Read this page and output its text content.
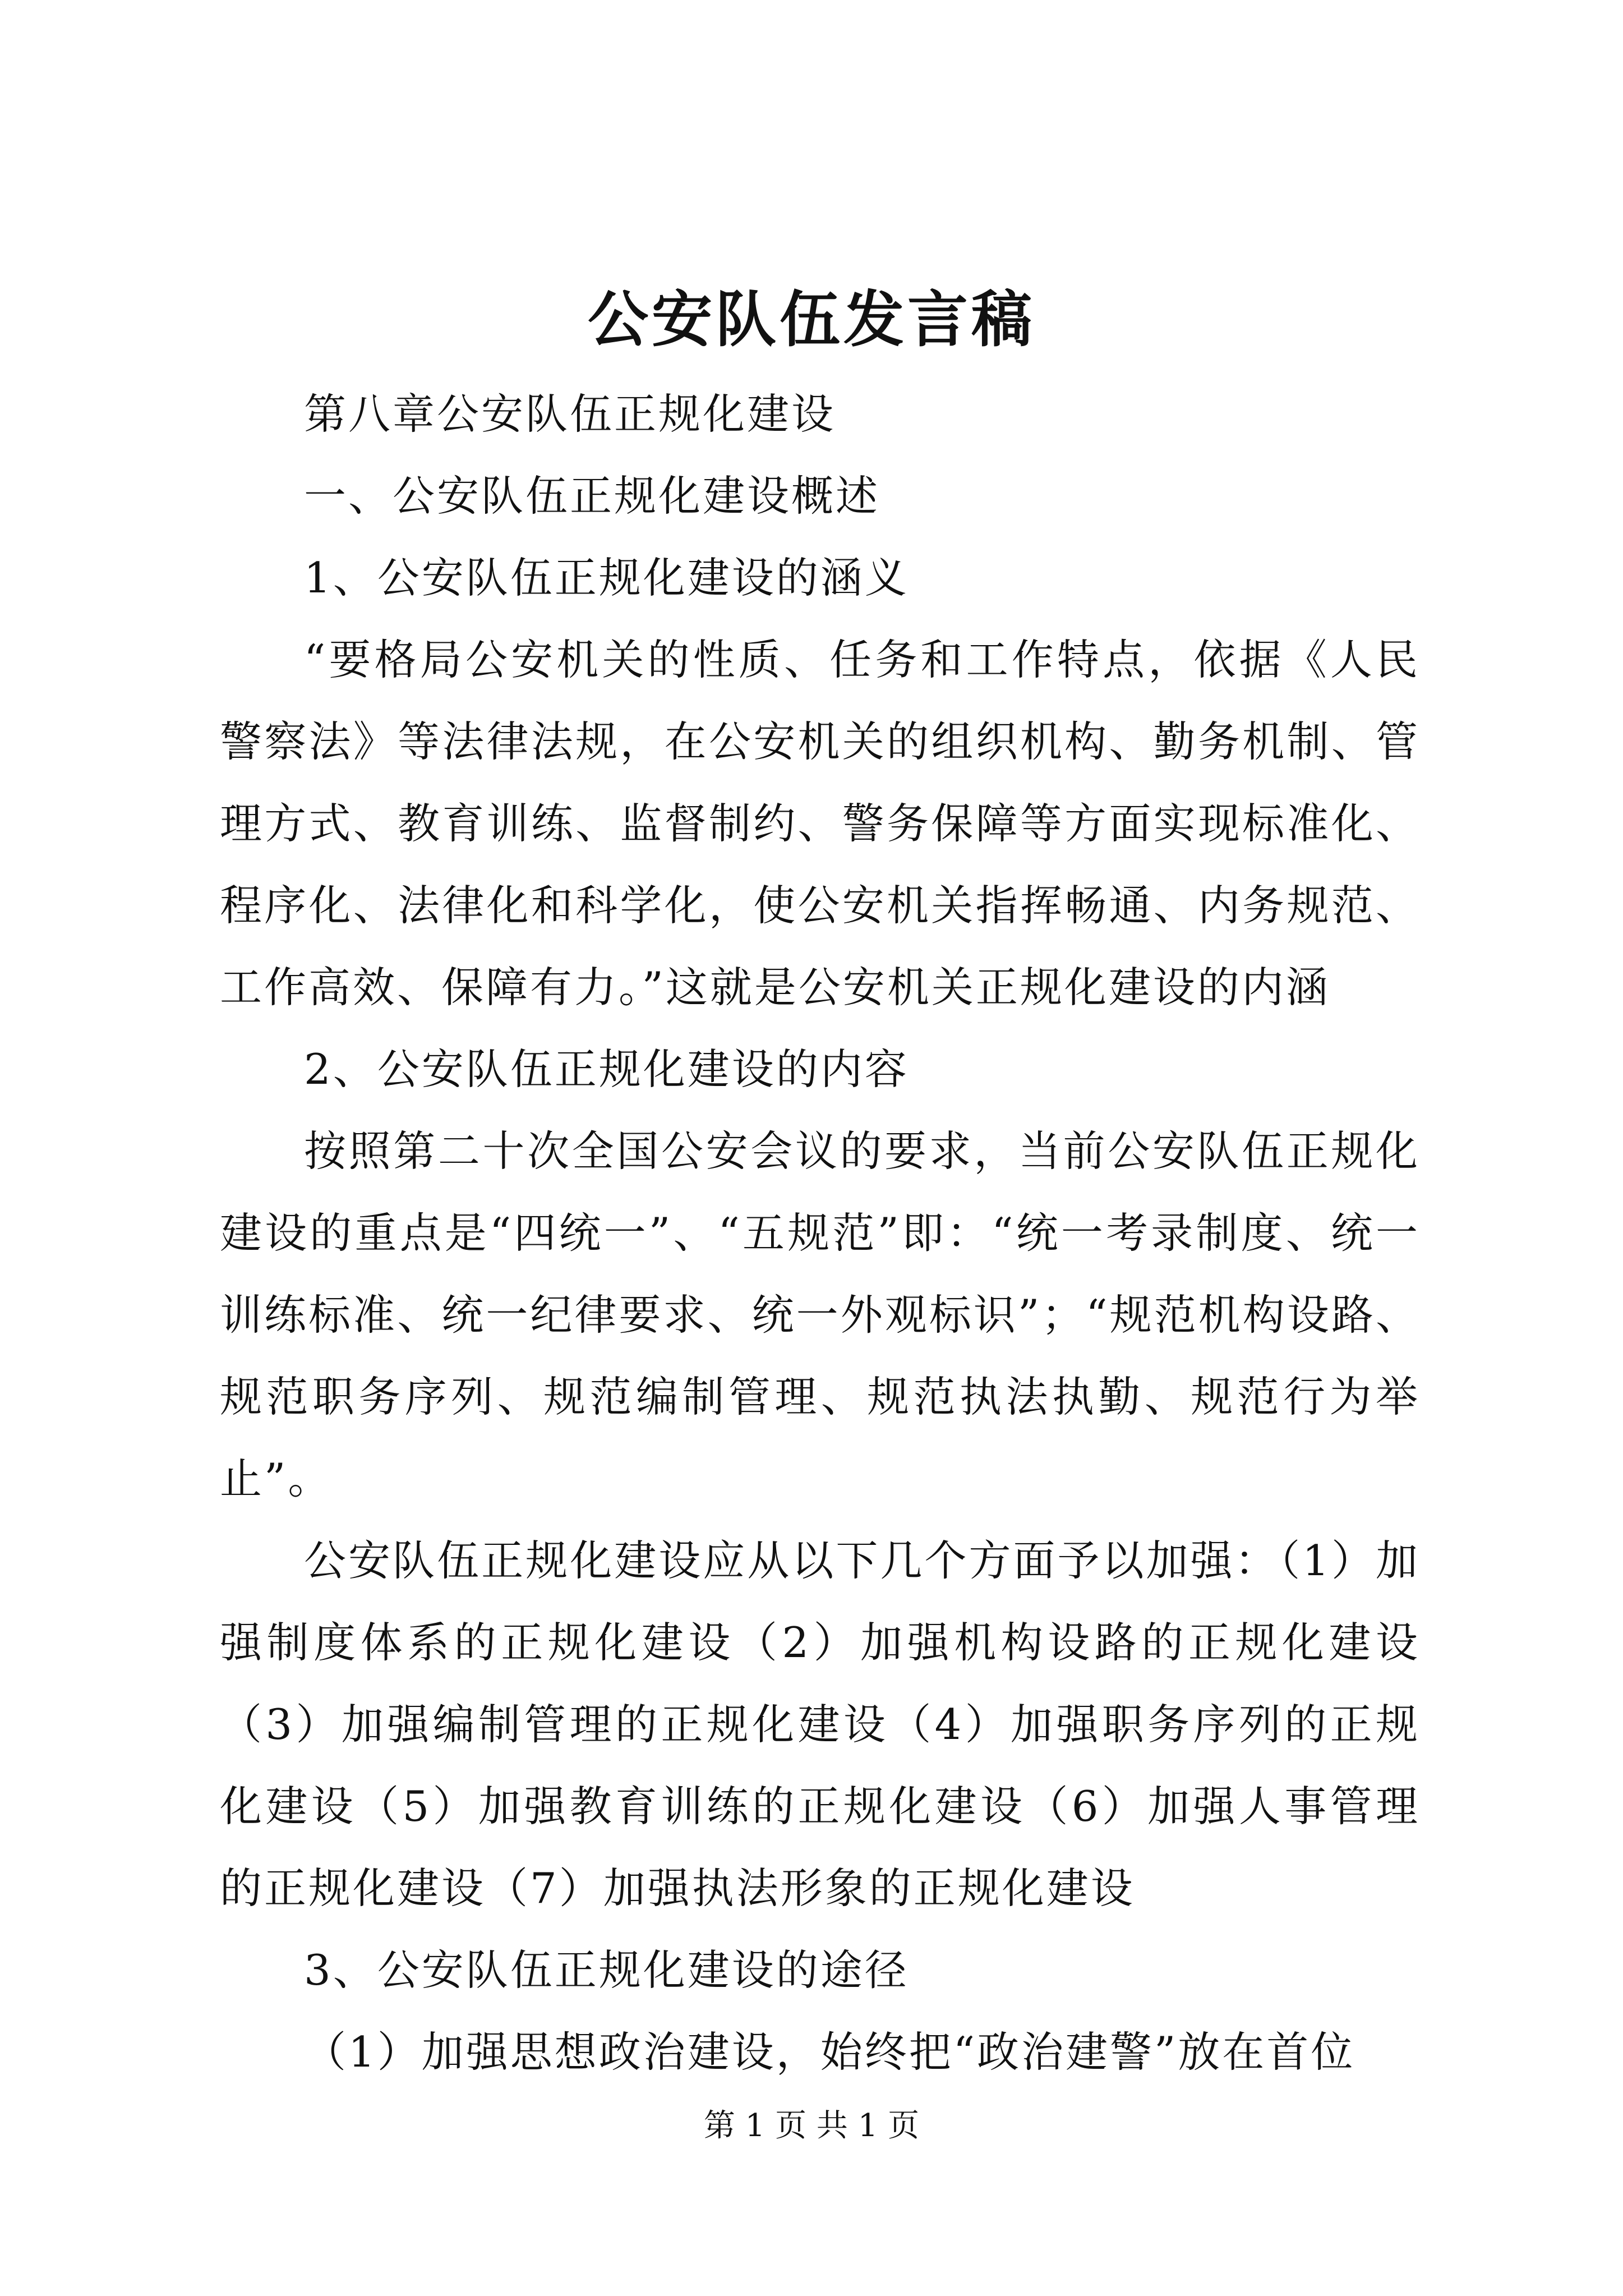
公安队伍发言稿

第八章公安队伍正规化建设

一、公安队伍正规化建设概述

1、公安队伍正规化建设的涵义

“要格局公安机关的性质、任务和工作特点，依据《人民警察法》等法律法规，在公安机关的组织机构、勤务机制、管理方式、教育训练、监督制约、警务保障等方面实现标准化、程序化、法律化和科学化，使公安机关指挥畅通、内务规范、工作高效、保障有力。”这就是公安机关正规化建设的内涵

2、公安队伍正规化建设的内容

按照第二十次全国公安会议的要求，当前公安队伍正规化建设的重点是“四统一”、“五规范”即：“统一考录制度、统一训练标准、统一纪律要求、统一外观标识”；“规范机构设路、规范职务序列、规范编制管理、规范执法执勤、规范行为举止”。

公安队伍正规化建设应从以下几个方面予以加强：（1）加强制度体系的正规化建设（2）加强机构设路的正规化建设（3）加强编制管理的正规化建设（4）加强职务序列的正规化建设（5）加强教育训练的正规化建设（6）加强人事管理的正规化建设（7）加强执法形象的正规化建设

3、公安队伍正规化建设的途径

（1）加强思想政治建设，始终把“政治建警”放在首位

第 1 页 共 1 页
